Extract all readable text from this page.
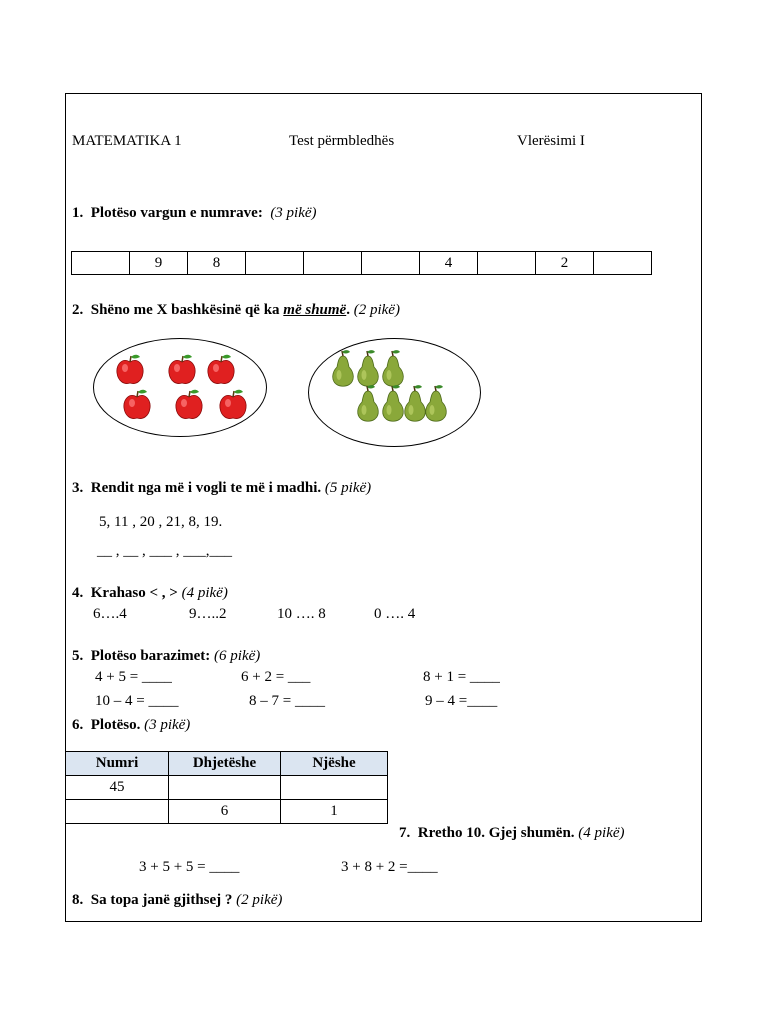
MATEMATIKA 1	Test përmbledhës	Vlerësimi I
1. Plotëso vargun e numrave: (3 pikë)
	9	8				4		2	
2. Shëno me X bashkësinë që ka më shumë. (2 pikë)
3. Rendit nga më i vogli te më i madhi. (5 pikë)
5, 11 , 20 , 21, 8, 19.
__ , __ , ___ , ___,___
4. Krahaso < , > (4 pikë)
6….4	9…..2	10 …. 8	0 …. 4
5. Plotëso barazimet: (6 pikë)
4 + 5 = ____	6 + 2 = ___	8 + 1 = ____
10 – 4 = ____	8 – 7 = ____	9 – 4 =____
6. Plotëso. (3 pikë)
Numri	Dhjetëshe	Njëshe
45		
	6	1
7. Rretho 10. Gjej shumën. (4 pikë)
3 + 5 + 5 = ____	3 + 8 + 2 =____
8. Sa topa janë gjithsej ? (2 pikë)
